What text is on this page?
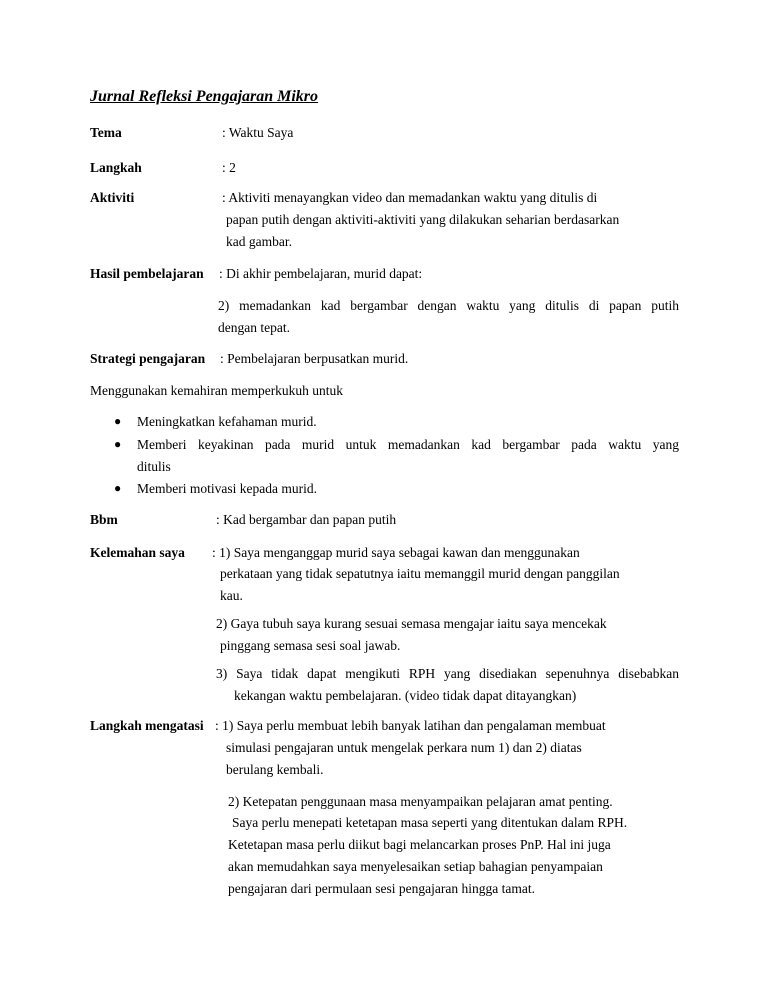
Jurnal Refleksi Pengajaran Mikro
Tema	: Waktu Saya
Langkah	: 2
Aktiviti	: Aktiviti menayangkan video dan memadankan waktu yang ditulis di
papan putih dengan aktiviti-aktiviti yang dilakukan seharian berdasarkan
kad gambar.
Hasil pembelajaran : Di akhir pembelajaran, murid dapat:
2) memadankan kad bergambar dengan waktu yang ditulis di papan putih
dengan tepat.
Strategi pengajaran : Pembelajaran berpusatkan murid.
Menggunakan kemahiran memperkukuh untuk
● Meningkatkan kefahaman murid.
● Memberi keyakinan pada murid untuk memadankan kad bergambar pada waktu yang
ditulis
● Memberi motivasi kepada murid.
Bbm	: Kad bergambar dan papan putih
Kelemahan saya : 1) Saya menganggap murid saya sebagai kawan dan menggunakan
perkataan yang tidak sepatutnya iaitu memanggil murid dengan panggilan
kau.
2) Gaya tubuh saya kurang sesuai semasa mengajar iaitu saya mencekak
pinggang semasa sesi soal jawab.
3) Saya tidak dapat mengikuti RPH yang disediakan sepenuhnya disebabkan
kekangan waktu pembelajaran. (video tidak dapat ditayangkan)
Langkah mengatasi : 1) Saya perlu membuat lebih banyak latihan dan pengalaman membuat
simulasi pengajaran untuk mengelak perkara num 1) dan 2) diatas
berulang kembali.
2) Ketepatan penggunaan masa menyampaikan pelajaran amat penting.
Saya perlu menepati ketetapan masa seperti yang ditentukan dalam RPH.
Ketetapan masa perlu diikut bagi melancarkan proses PnP. Hal ini juga
akan memudahkan saya menyelesaikan setiap bahagian penyampaian
pengajaran dari permulaan sesi pengajaran hingga tamat.
